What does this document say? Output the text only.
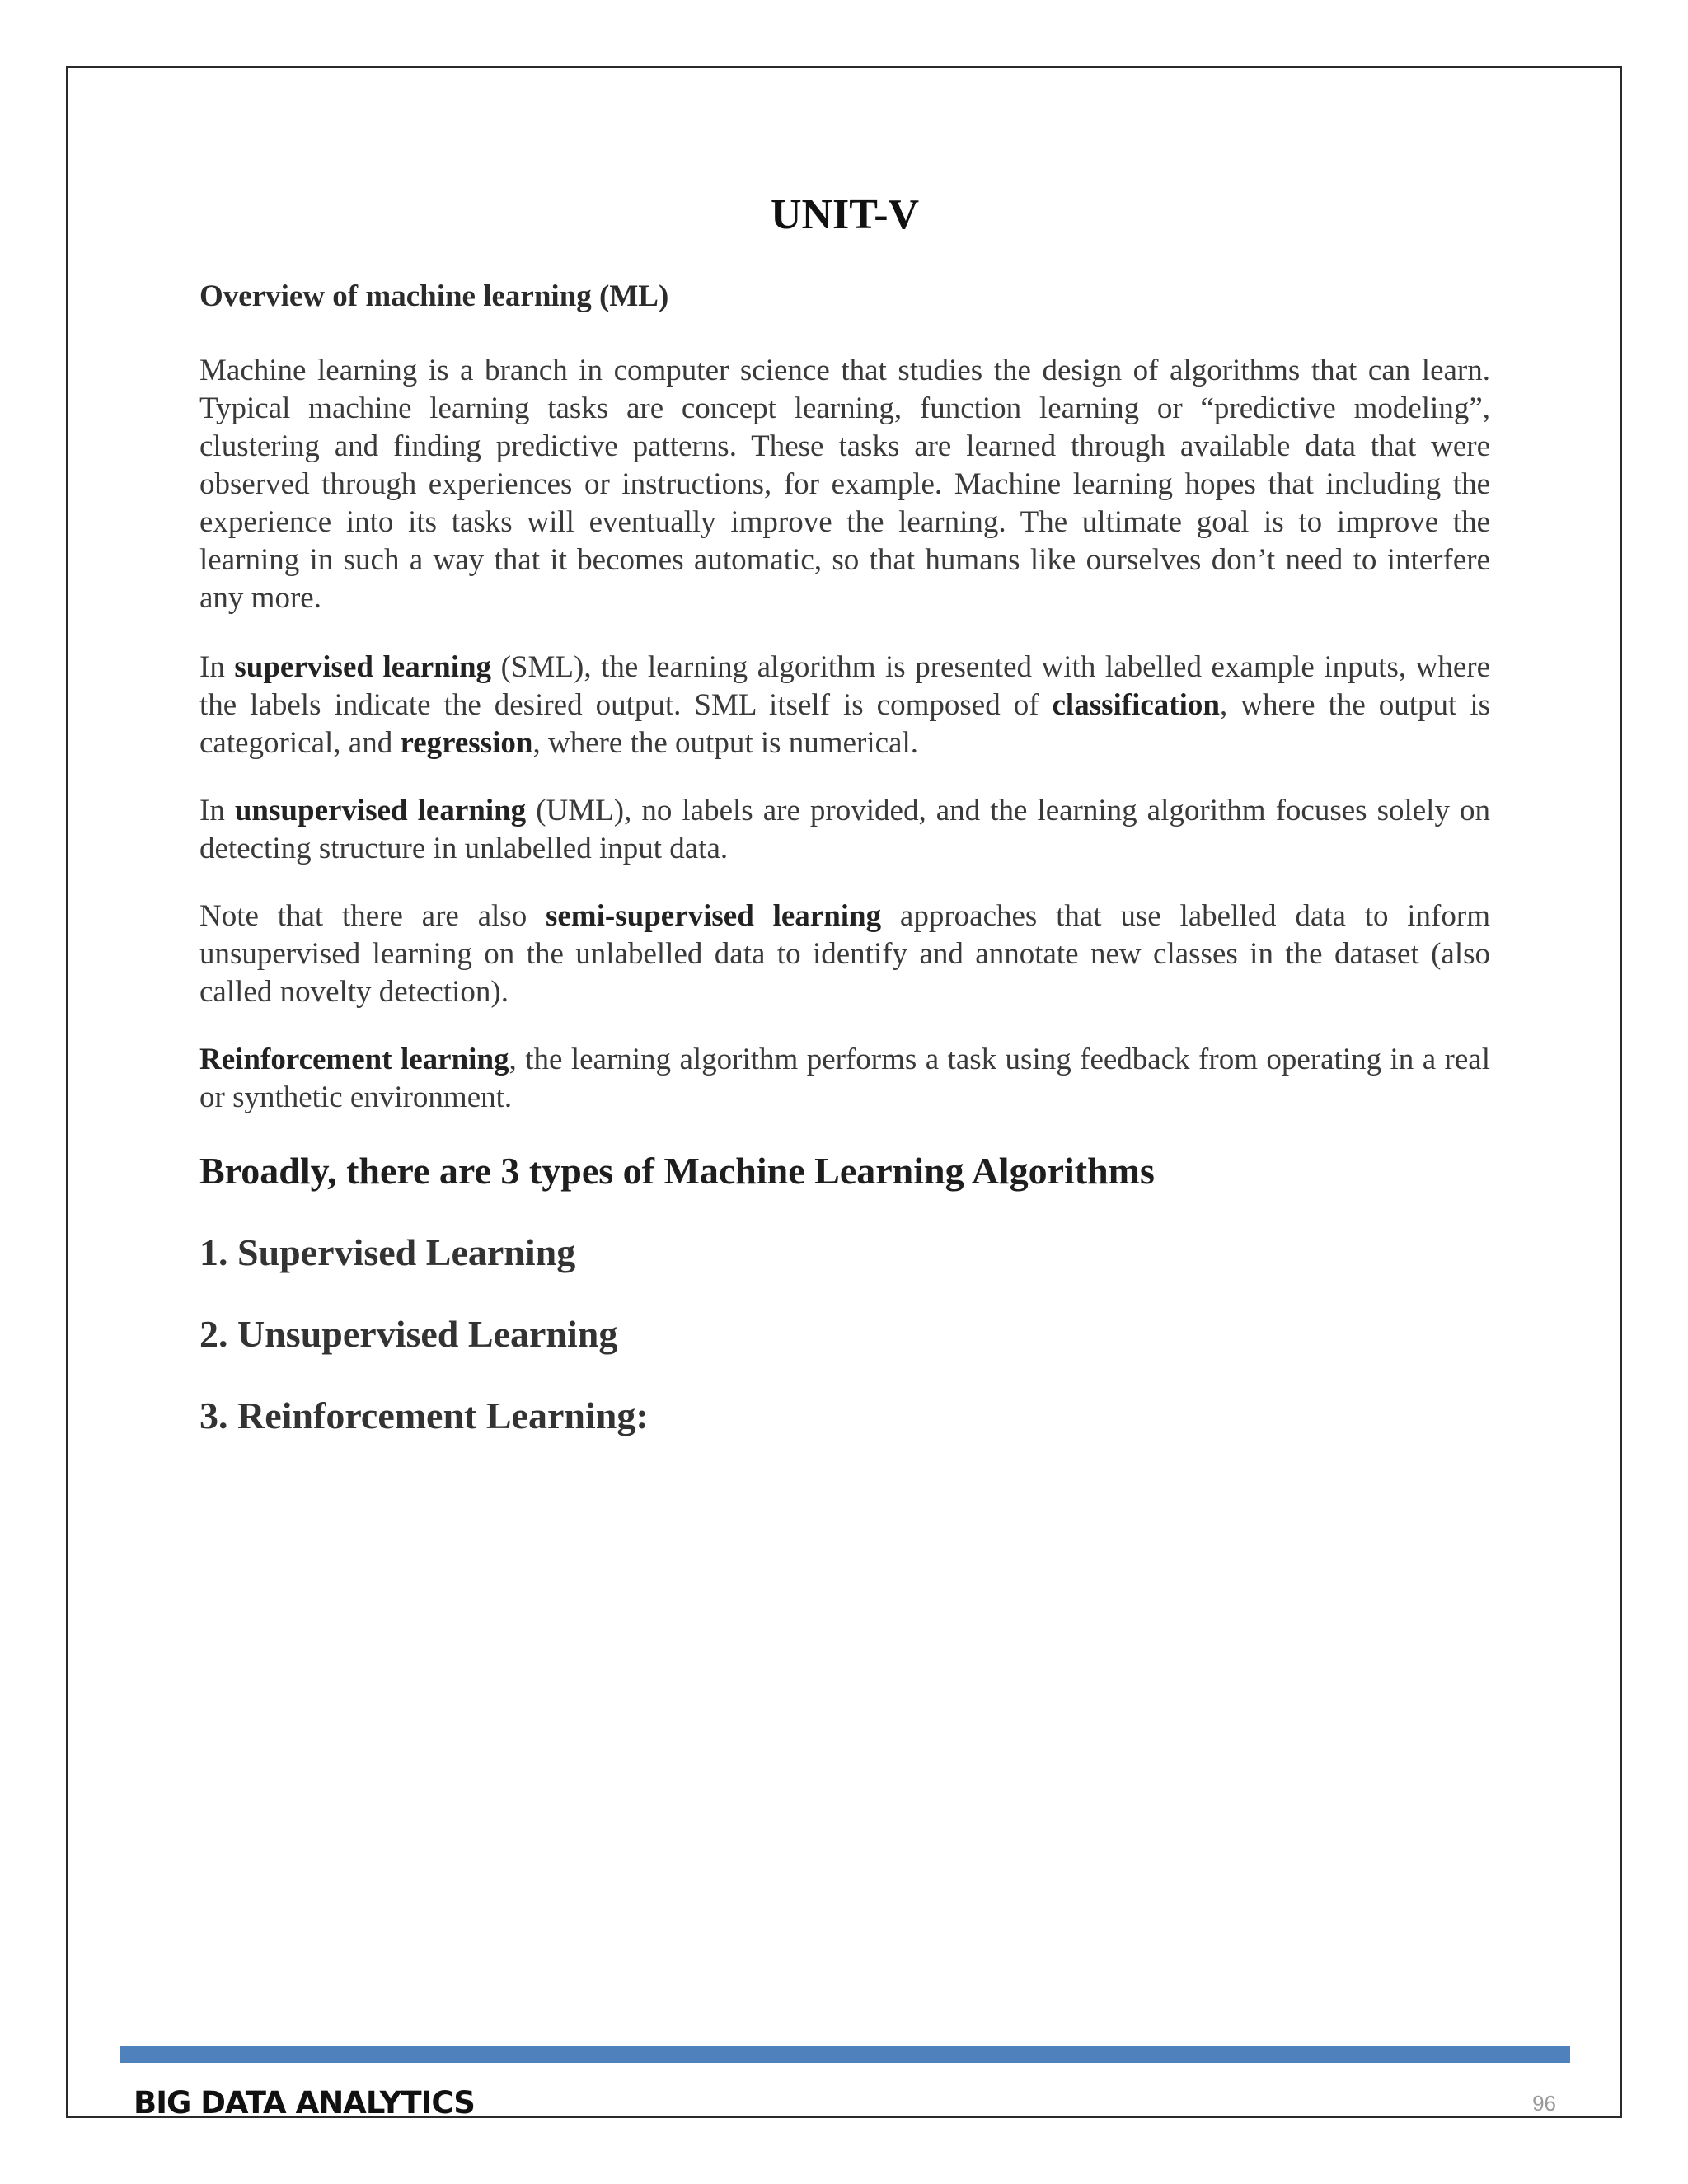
UNIT-V
Overview of machine learning (ML)
Machine learning is a branch in computer science that studies the design of algorithms that can learn. Typical machine learning tasks are concept learning, function learning or “predictive modeling”, clustering and finding predictive patterns. These tasks are learned through available data that were observed through experiences or instructions, for example. Machine learning hopes that including the experience into its tasks will eventually improve the learning. The ultimate goal is to improve the learning in such a way that it becomes automatic, so that humans like ourselves don’t need to interfere any more.
In supervised learning (SML), the learning algorithm is presented with labelled example inputs, where the labels indicate the desired output. SML itself is composed of classification, where the output is categorical, and regression, where the output is numerical.
In unsupervised learning (UML), no labels are provided, and the learning algorithm focuses solely on detecting structure in unlabelled input data.
Note that there are also semi-supervised learning approaches that use labelled data to inform unsupervised learning on the unlabelled data to identify and annotate new classes in the dataset (also called novelty detection).
Reinforcement learning, the learning algorithm performs a task using feedback from operating in a real or synthetic environment.
Broadly, there are 3 types of Machine Learning Algorithms
1. Supervised Learning
2. Unsupervised Learning
3. Reinforcement Learning:
BIG DATA ANALYTICS	96
